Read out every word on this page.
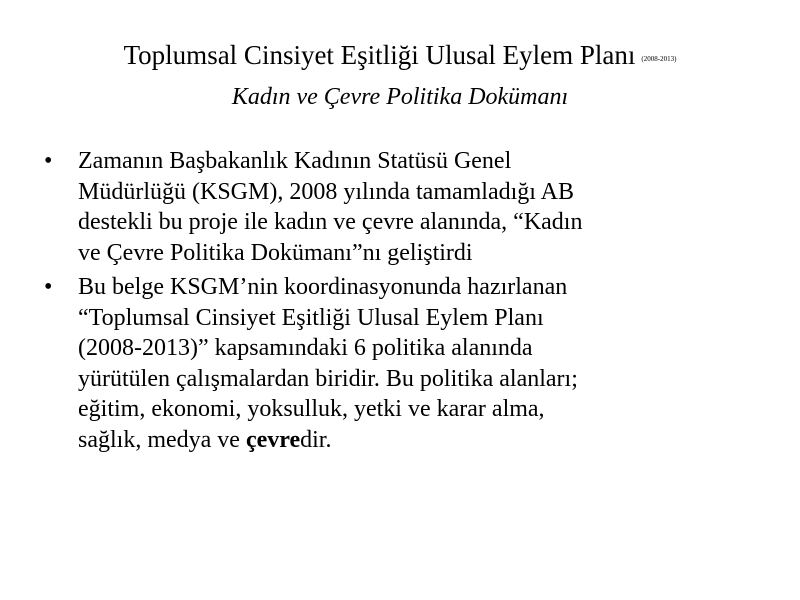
Toplumsal Cinsiyet Eşitliği Ulusal Eylem Planı (2008-2013)
Kadın ve Çevre Politika Dokümanı
• Zamanın Başbakanlık Kadının Statüsü Genel
Müdürlüğü (KSGM), 2008 yılında tamamladığı AB
destekli bu proje ile kadın ve çevre alanında, “Kadın
ve Çevre Politika Dokümanı”nı geliştirdi
• Bu belge KSGM’nin koordinasyonunda hazırlanan
“Toplumsal Cinsiyet Eşitliği Ulusal Eylem Planı
(2008-2013)” kapsamındaki 6 politika alanında
yürütülen çalışmalardan biridir. Bu politika alanları;
eğitim, ekonomi, yoksulluk, yetki ve karar alma,
sağlık, medya ve çevredir.
